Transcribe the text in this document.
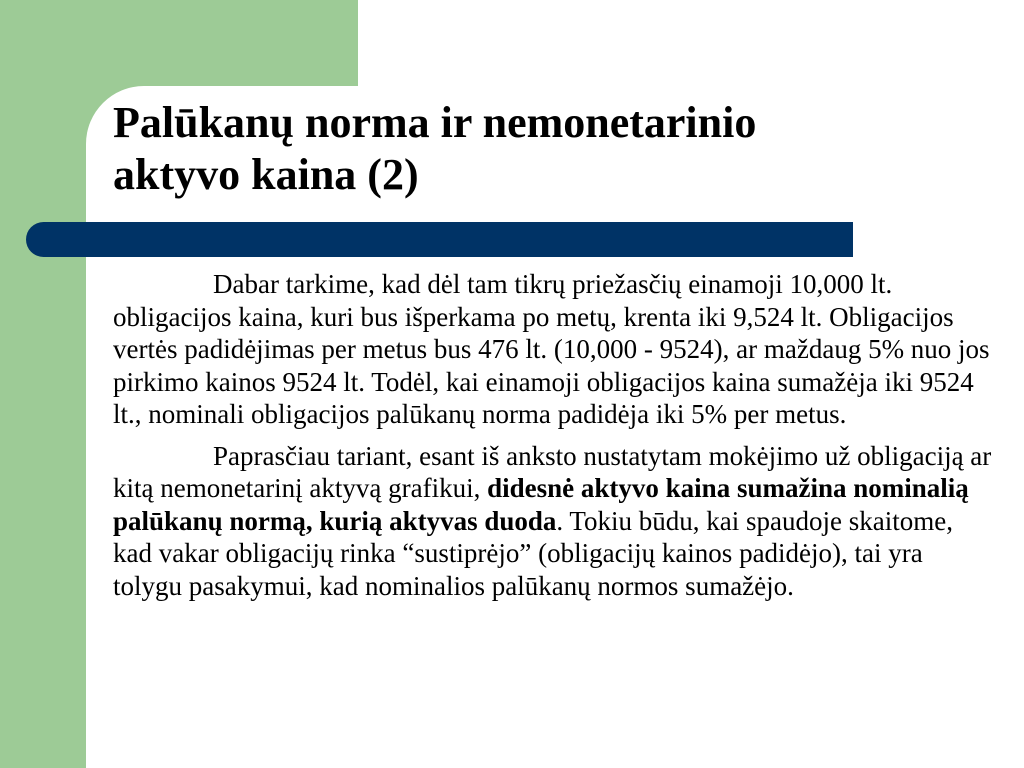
Palūkanų norma ir nemonetarinio
aktyvo kaina (2)

Dabar tarkime, kad dėl tam tikrų priežasčių einamoji 10,000 lt. obligacijos kaina, kuri bus išperkama po metų, krenta iki 9,524 lt. Obligacijos vertės padidėjimas per metus bus 476 lt. (10,000 - 9524), ar maždaug 5% nuo jos pirkimo kainos 9524 lt. Todėl, kai einamoji obligacijos kaina sumažėja iki 9524 lt., nominali obligacijos palūkanų norma padidėja iki 5% per metus.

Paprasčiau tariant, esant iš anksto nustatytam mokėjimo už obligaciją ar kitą nemonetarinį aktyvą grafikui, didesnė aktyvo kaina sumažina nominalią palūkanų normą, kurią aktyvas duoda. Tokiu būdu, kai spaudoje skaitome, kad vakar obligacijų rinka “sustiprėjo” (obligacijų kainos padidėjo), tai yra tolygu pasakymui, kad nominalios palūkanų normos sumažėjo.
